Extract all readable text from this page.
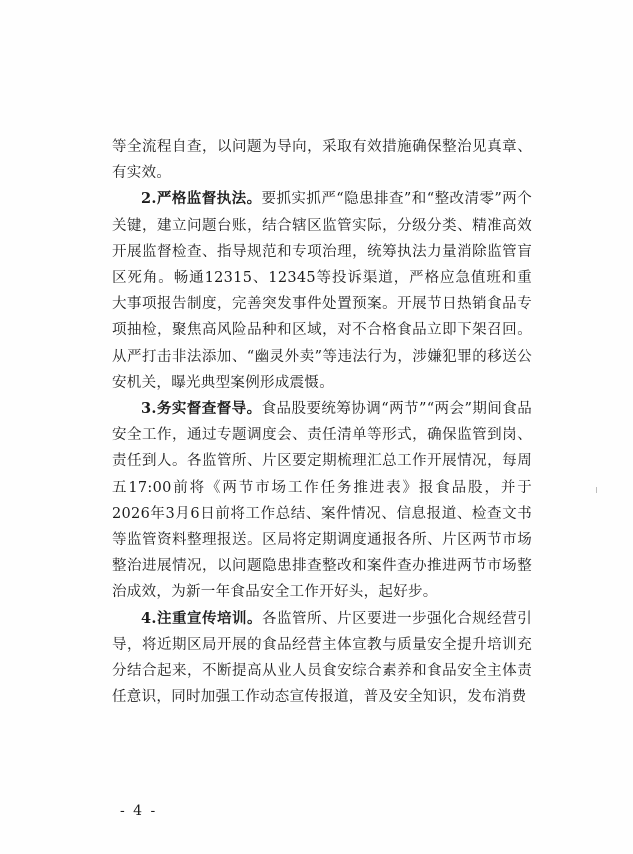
等全流程自查，以问题为导向，采取有效措施确保整治见真章、有实效。

2.严格监督执法。要抓实抓严“隐患排查”和“整改清零”两个关键，建立问题台账，结合辖区监管实际，分级分类、精准高效开展监督检查、指导规范和专项治理，统筹执法力量消除监管盲区死角。畅通12315、12345等投诉渠道，严格应急值班和重大事项报告制度，完善突发事件处置预案。开展节日热销食品专项抽检，聚焦高风险品种和区域，对不合格食品立即下架召回。从严打击非法添加、“幽灵外卖”等违法行为，涉嫌犯罪的移送公安机关，曝光典型案例形成震慑。

3.务实督查督导。食品股要统筹协调“两节”“两会”期间食品安全工作，通过专题调度会、责任清单等形式，确保监管到岗、责任到人。各监管所、片区要定期梳理汇总工作开展情况，每周五17:00前将《两节市场工作任务推进表》报食品股，并于2026年3月6日前将工作总结、案件情况、信息报道、检查文书等监管资料整理报送。区局将定期调度通报各所、片区两节市场整治进展情况，以问题隐患排查整改和案件查办推进两节市场整治成效，为新一年食品安全工作开好头，起好步。

4.注重宣传培训。各监管所、片区要进一步强化合规经营引导，将近期区局开展的食品经营主体宣教与质量安全提升培训充分结合起来，不断提高从业人员食安综合素养和食品安全主体责任意识，同时加强工作动态宣传报道，普及安全知识，发布消费

- 4 -
